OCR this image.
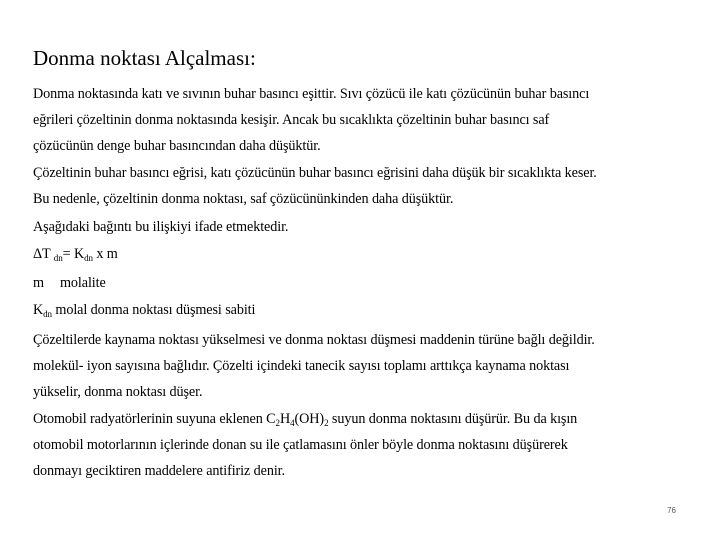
Donma noktası Alçalması:
Donma noktasında katı ve sıvının buhar basıncı eşittir. Sıvı çözücü ile katı çözücünün buhar basıncı
eğrileri çözeltinin donma noktasında kesişir. Ancak bu sıcaklıkta çözeltinin buhar basıncı saf
çözücünün denge buhar basıncından daha düşüktür.
Çözeltinin buhar basıncı eğrisi, katı çözücünün buhar basıncı eğrisini daha düşük bir sıcaklıkta keser.
Bu nedenle, çözeltinin donma noktası, saf çözücününkinden daha düşüktür.
Aşağıdaki bağıntı bu ilişkiyi ifade etmektedir.
ΔT $_{dn}= K_{dn}$ x m
m molalite
$K_{dn}$ molal donma noktası düşmesi sabiti
Çözeltilerde kaynama noktası yükselmesi ve donma noktası düşmesi maddenin türüne bağlı değildir.
molekül- iyon sayısına bağlıdır. Çözelti içindeki tanecik sayısı toplamı arttıkça kaynama noktası
yükselir, donma noktası düşer.
Otomobil radyatörlerinin suyuna eklenen $C_2H_4(OH)_2$ suyun donma noktasını düşürür. Bu da kışın
otomobil motorlarının içlerinde donan su ile çatlamasını önler böyle donma noktasını düşürerek
donmayı geciktiren maddelere antifiriz denir.
76
